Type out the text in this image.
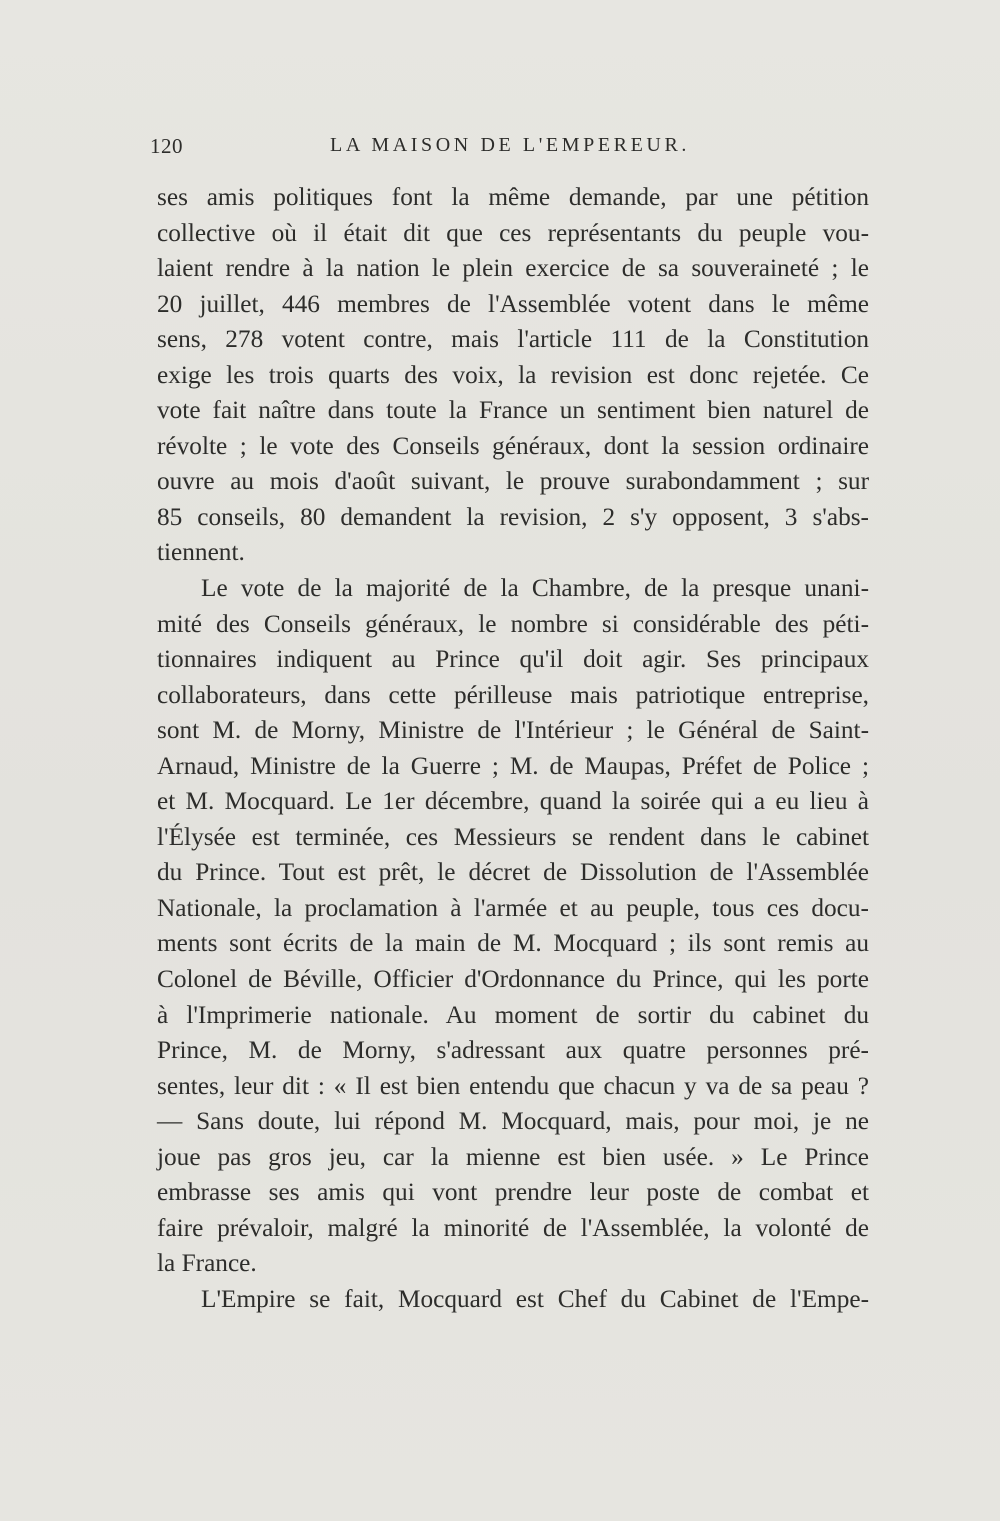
120	LA MAISON DE L'EMPEREUR.

ses amis politiques font la même demande, par une pétition
collective où il était dit que ces représentants du peuple vou-
laient rendre à la nation le plein exercice de sa souveraineté ; le
20 juillet, 446 membres de l'Assemblée votent dans le même
sens, 278 votent contre, mais l'article 111 de la Constitution
exige les trois quarts des voix, la revision est donc rejetée. Ce
vote fait naître dans toute la France un sentiment bien naturel de
révolte ; le vote des Conseils généraux, dont la session ordinaire
ouvre au mois d'août suivant, le prouve surabondamment ; sur
85 conseils, 80 demandent la revision, 2 s'y opposent, 3 s'abs-
tiennent.

Le vote de la majorité de la Chambre, de la presque unani-
mité des Conseils généraux, le nombre si considérable des péti-
tionnaires indiquent au Prince qu'il doit agir. Ses principaux
collaborateurs, dans cette périlleuse mais patriotique entreprise,
sont M. de Morny, Ministre de l'Intérieur ; le Général de Saint-
Arnaud, Ministre de la Guerre ; M. de Maupas, Préfet de Police ;
et M. Mocquard. Le 1er décembre, quand la soirée qui a eu lieu à
l'Élysée est terminée, ces Messieurs se rendent dans le cabinet
du Prince. Tout est prêt, le décret de Dissolution de l'Assemblée
Nationale, la proclamation à l'armée et au peuple, tous ces docu-
ments sont écrits de la main de M. Mocquard ; ils sont remis au
Colonel de Béville, Officier d'Ordonnance du Prince, qui les porte
à l'Imprimerie nationale. Au moment de sortir du cabinet du
Prince, M. de Morny, s'adressant aux quatre personnes pré-
sentes, leur dit : « Il est bien entendu que chacun y va de sa peau ?
— Sans doute, lui répond M. Mocquard, mais, pour moi, je ne
joue pas gros jeu, car la mienne est bien usée. » Le Prince
embrasse ses amis qui vont prendre leur poste de combat et
faire prévaloir, malgré la minorité de l'Assemblée, la volonté de
la France.

L'Empire se fait, Mocquard est Chef du Cabinet de l'Empe-
